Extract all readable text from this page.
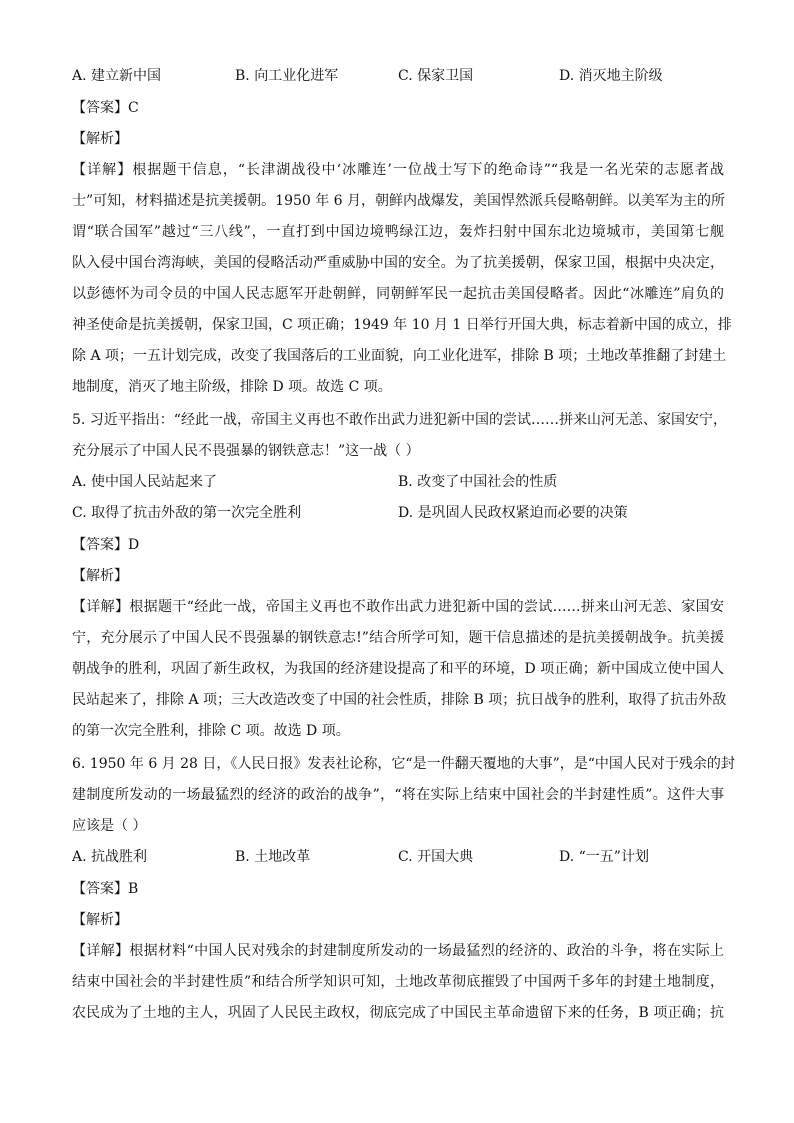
A. 建立新中国	B. 向工业化进军	C. 保家卫国	D. 消灭地主阶级
【答案】C
【解析】
【详解】根据题干信息，“长津湖战役中‘冰雕连’一位战士写下的绝命诗”“我是一名光荣的志愿者战
士”可知，材料描述是抗美援朝。1950 年 6 月，朝鲜内战爆发，美国悍然派兵侵略朝鲜。以美军为主的所
谓“联合国军”越过“三八线”，一直打到中国边境鸭绿江边，轰炸扫射中国东北边境城市，美国第七舰
队入侵中国台湾海峡，美国的侵略活动严重威胁中国的安全。为了抗美援朝，保家卫国，根据中央决定，
以彭德怀为司令员的中国人民志愿军开赴朝鲜，同朝鲜军民一起抗击美国侵略者。因此“冰雕连”肩负的
神圣使命是抗美援朝，保家卫国，C 项正确；1949 年 10 月 1 日举行开国大典，标志着新中国的成立，排
除 A 项；一五计划完成，改变了我国落后的工业面貌，向工业化进军，排除 B 项；土地改革推翻了封建土
地制度，消灭了地主阶级，排除 D 项。故选 C 项。
5. 习近平指出：“经此一战，帝国主义再也不敢作出武力进犯新中国的尝试……拼来山河无恙、家国安宁，
充分展示了中国人民不畏强暴的钢铁意志！”这一战（ ）
A. 使中国人民站起来了	B. 改变了中国社会的性质
C. 取得了抗击外敌的第一次完全胜利	D. 是巩固人民政权紧迫而必要的决策
【答案】D
【解析】
【详解】根据题干“经此一战，帝国主义再也不敢作出武力进犯新中国的尝试……拼来山河无恙、家国安
宁，充分展示了中国人民不畏强暴的钢铁意志!”结合所学可知，题干信息描述的是抗美援朝战争。抗美援
朝战争的胜利，巩固了新生政权，为我国的经济建设提高了和平的环境，D 项正确；新中国成立使中国人
民站起来了，排除 A 项；三大改造改变了中国的社会性质，排除 B 项；抗日战争的胜利，取得了抗击外敌
的第一次完全胜利，排除 C 项。故选 D 项。
6. 1950 年 6 月 28 日，《人民日报》发表社论称，它“是一件翻天覆地的大事”，是“中国人民对于残余的封
建制度所发动的一场最猛烈的经济的政治的战争”，“将在实际上结束中国社会的半封建性质”。这件大事
应该是（ ）
A. 抗战胜利	B. 土地改革	C. 开国大典	D. “一五”计划
【答案】B
【解析】
【详解】根据材料“中国人民对残余的封建制度所发动的一场最猛烈的经济的、政治的斗争，将在实际上
结束中国社会的半封建性质”和结合所学知识可知，土地改革彻底摧毁了中国两千多年的封建土地制度，
农民成为了土地的主人，巩固了人民民主政权，彻底完成了中国民主革命遗留下来的任务，B 项正确；抗
